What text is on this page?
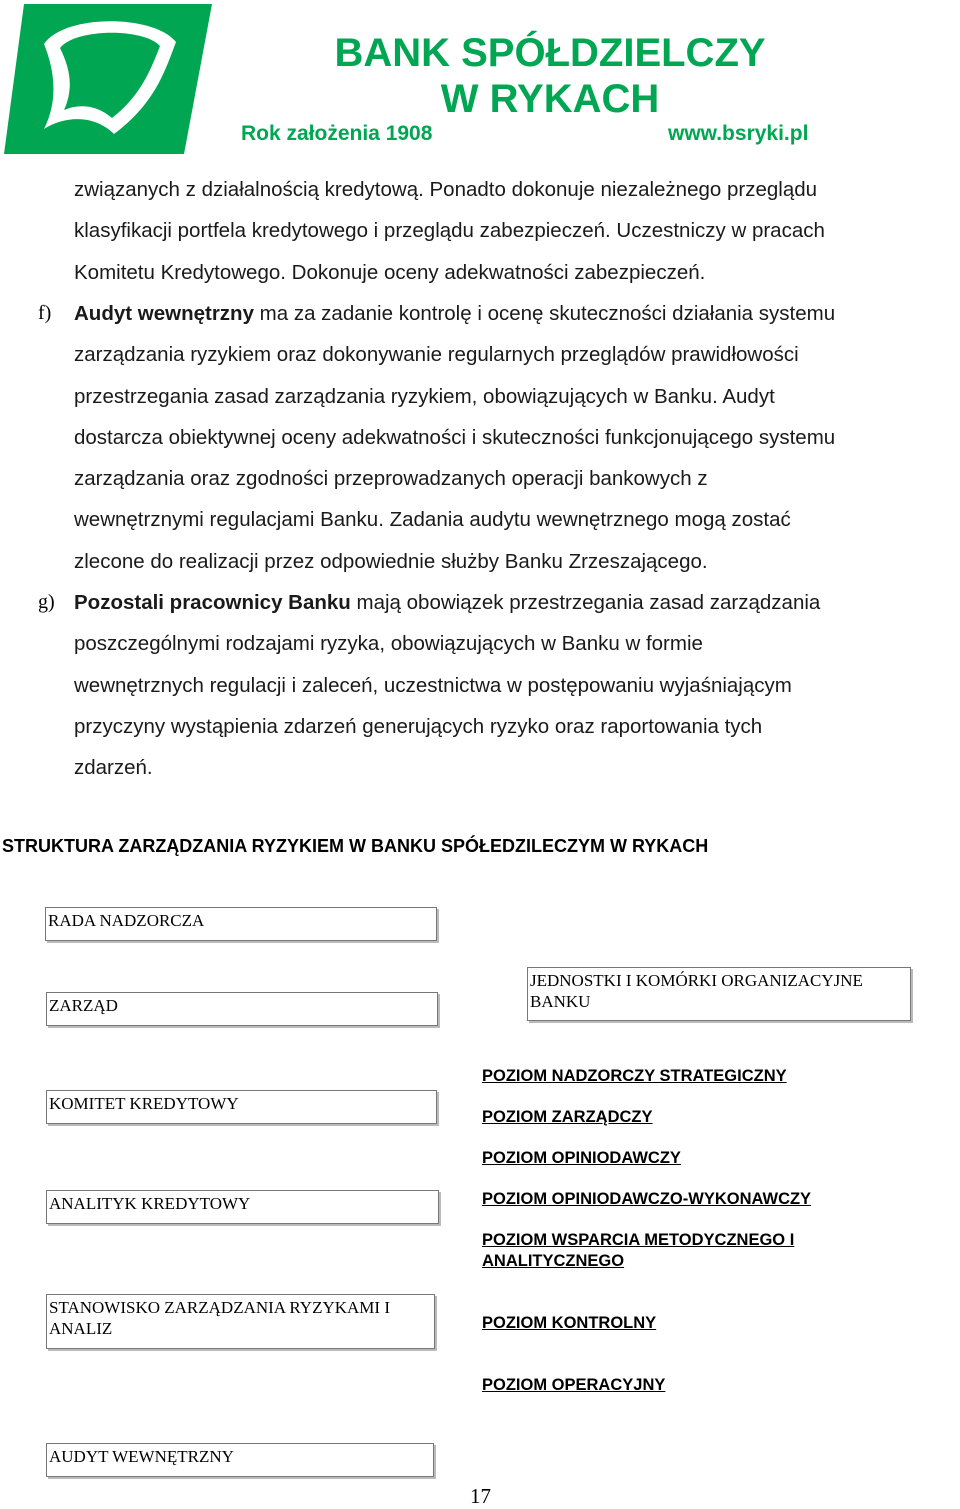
BANK SPÓŁDZIELCZY
W RYKACH
Rok założenia 1908	www.bsryki.pl
związanych z działalnością kredytową. Ponadto dokonuje niezależnego przeglądu
klasyfikacji portfela kredytowego i przeglądu zabezpieczeń. Uczestniczy w pracach
Komitetu Kredytowego. Dokonuje oceny adekwatności zabezpieczeń.
f) Audyt wewnętrzny ma za zadanie kontrolę i ocenę skuteczności działania systemu
zarządzania ryzykiem oraz dokonywanie regularnych przeglądów prawidłowości
przestrzegania zasad zarządzania ryzykiem, obowiązujących w Banku. Audyt
dostarcza obiektywnej oceny adekwatności i skuteczności funkcjonującego systemu
zarządzania oraz zgodności przeprowadzanych operacji bankowych z
wewnętrznymi regulacjami Banku. Zadania audytu wewnętrznego mogą zostać
zlecone do realizacji przez odpowiednie służby Banku Zrzeszającego.
g) Pozostali pracownicy Banku mają obowiązek przestrzegania zasad zarządzania
poszczególnymi rodzajami ryzyka, obowiązujących w Banku w formie
wewnętrznych regulacji i zaleceń, uczestnictwa w postępowaniu wyjaśniającym
przyczyny wystąpienia zdarzeń generujących ryzyko oraz raportowania tych
zdarzeń.
STRUKTURA ZARZĄDZANIA RYZYKIEM W BANKU SPÓŁEDZILECZYM W RYKACH
RADA NADZORCZA
ZARZĄD
JEDNOSTKI I KOMÓRKI ORGANIZACYJNE
BANKU
KOMITET KREDYTOWY
ANALITYK KREDYTOWY
STANOWISKO ZARZĄDZANIA RYZYKAMI I
ANALIZ
AUDYT WEWNĘTRZNY
POZIOM NADZORCZY STRATEGICZNY
POZIOM ZARZĄDCZY
POZIOM OPINIODAWCZY
POZIOM OPINIODAWCZO-WYKONAWCZY
POZIOM WSPARCIA METODYCZNEGO I
ANALITYCZNEGO
POZIOM KONTROLNY
POZIOM OPERACYJNY
17
